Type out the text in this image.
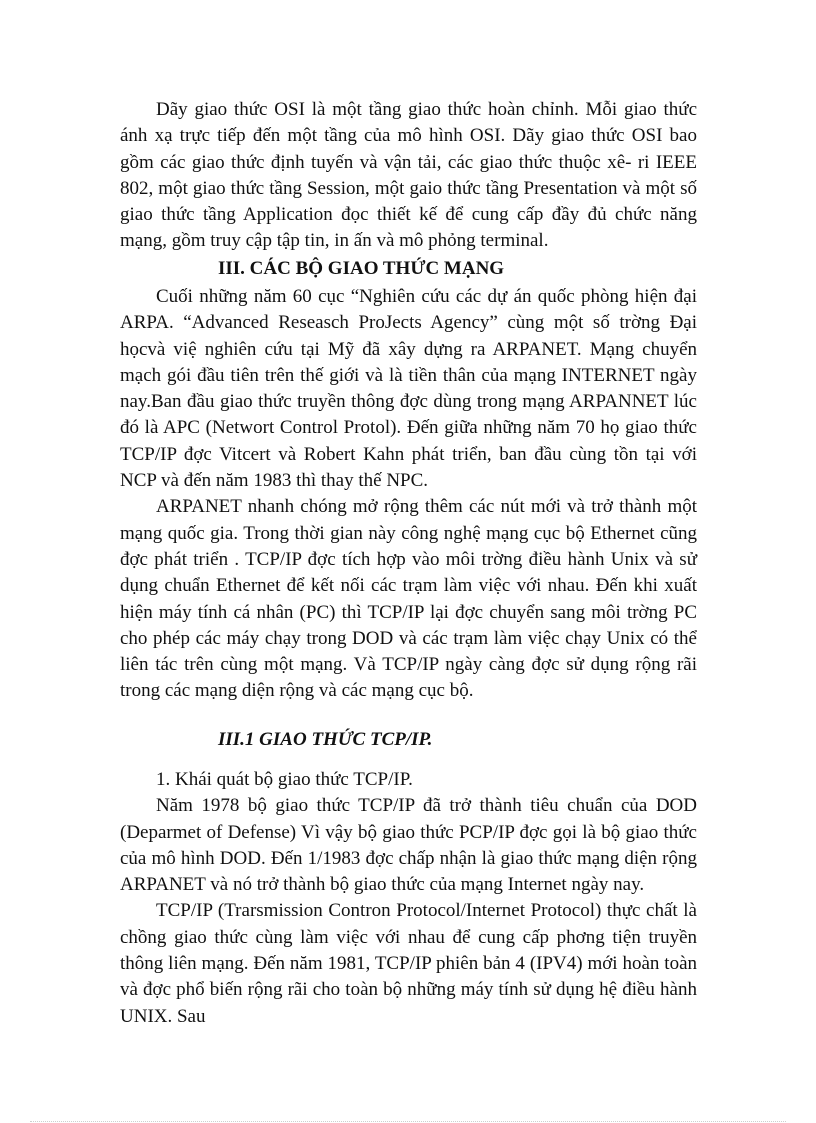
Dãy giao thức OSI là một tầng giao thức hoàn chỉnh. Mỗi giao thức ánh xạ trực tiếp đến một tầng của mô hình OSI. Dãy giao thức OSI bao gồm các giao thức định tuyến và vận tải, các giao thức thuộc xê- ri IEEE 802, một giao thức tầng Session, một gaio thức tầng Presentation và một số giao thức tầng Application đọc thiết kế để cung cấp đầy đủ chức năng mạng, gồm truy cập tập tin, in ấn và mô phỏng terminal.

III. CÁC BỘ GIAO THỨC MẠNG

Cuối những năm 60 cục “Nghiên cứu các dự án quốc phòng hiện đại ARPA. “Advanced Reseasch ProJects Agency” cùng một số trờng Đại họcvà việ nghiên cứu tại Mỹ đã xây dựng ra ARPANET. Mạng chuyển mạch gói đầu tiên trên thế giới và là tiền thân của mạng INTERNET ngày nay.Ban đầu giao thức truyền thông đợc dùng trong mạng ARPANNET lúc đó là APC (Networt Control Protol). Đến giữa những năm 70 họ giao thức TCP/IP đợc Vitcert và Robert Kahn phát triển, ban đầu cùng tồn tại với NCP và đến năm 1983 thì thay thế NPC.

ARPANET nhanh chóng mở rộng thêm các nút mới và trở thành một mạng quốc gia. Trong thời gian này công nghệ mạng cục bộ Ethernet cũng đợc phát triển . TCP/IP đợc tích hợp vào môi trờng điều hành Unix và sử dụng chuẩn Ethernet để kết nối các trạm làm việc với nhau. Đến khi xuất hiện máy tính cá nhân (PC) thì TCP/IP lại đợc chuyển sang môi trờng PC cho phép các máy chạy trong DOD và các trạm làm việc chạy Unix có thể liên tác trên cùng một mạng. Và TCP/IP ngày càng đợc sử dụng rộng rãi trong các mạng diện rộng và các mạng cục bộ.

III.1 GIAO THỨC TCP/IP.

1. Khái quát bộ giao thức TCP/IP.

Năm 1978 bộ giao thức TCP/IP đã trở thành tiêu chuẩn của DOD (Deparmet of Defense) Vì vậy bộ giao thức PCP/IP đợc gọi là bộ giao thức của mô hình DOD. Đến 1/1983 đợc chấp nhận là giao thức mạng diện rộng ARPANET và nó trở thành bộ giao thức của mạng Internet ngày nay.

TCP/IP (Trarsmission Contron Protocol/Internet Protocol) thực chất là chồng giao thức cùng làm việc với nhau để cung cấp phơng tiện truyền thông liên mạng. Đến năm 1981, TCP/IP phiên bản 4 (IPV4) mới hoàn toàn và đợc phổ biến rộng rãi cho toàn bộ những máy tính sử dụng hệ điều hành UNIX. Sau
